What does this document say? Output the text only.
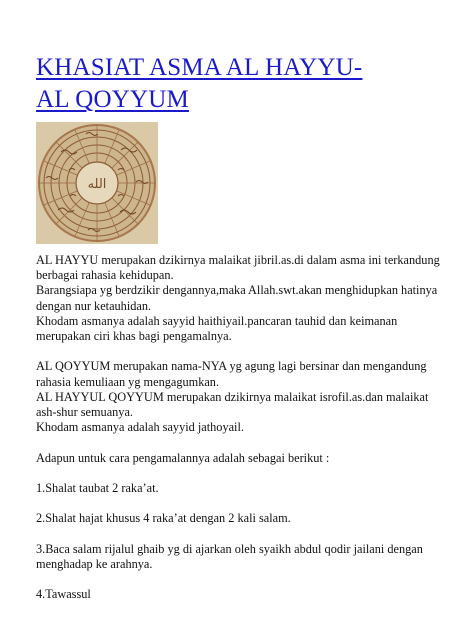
KHASIAT ASMA AL HAYYU-
AL QOYYUM
الله

AL HAYYU merupakan dzikirnya malaikat jibril.as.di dalam asma ini terkandung
berbagai rahasia kehidupan.
Barangsiapa yg berdzikir dengannya,maka Allah.swt.akan menghidupkan hatinya
dengan nur ketauhidan.
Khodam asmanya adalah sayyid haithiyail.pancaran tauhid dan keimanan
merupakan ciri khas bagi pengamalnya.

AL QOYYUM merupakan nama-NYA yg agung lagi bersinar dan mengandung
rahasia kemuliaan yg mengagumkan.
AL HAYYUL QOYYUM merupakan dzikirnya malaikat isrofil.as.dan malaikat
ash-shur semuanya.
Khodam asmanya adalah sayyid jathoyail.

Adapun untuk cara pengamalannya adalah sebagai berikut :

1.Shalat taubat 2 raka’at.

2.Shalat hajat khusus 4 raka’at dengan 2 kali salam.

3.Baca salam rijalul ghaib yg di ajarkan oleh syaikh abdul qodir jailani dengan
menghadap ke arahnya.

4.Tawassul
